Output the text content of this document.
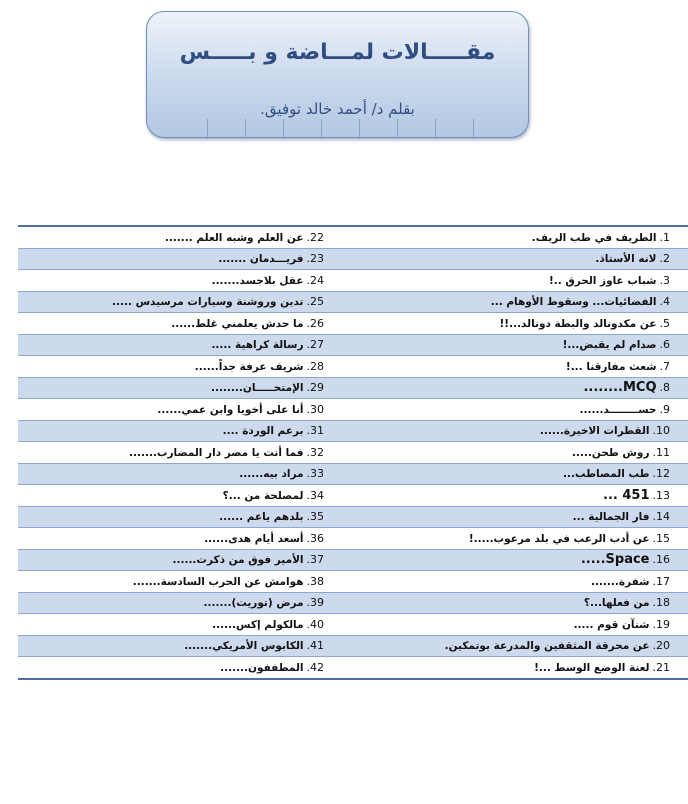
مقـــــالات لمـــاضة و بـــــس
بقلم د/ أحمد خالد توفيق.
1.الطريف في طب الريف.	22.عن العلم وشبه العلم .......
2.لانه الأستاذ.	23.فريـــدمان .......
3.شباب عاوز الحرق ..!	24.عقل بلاجسد.......
4.الفضائيات... وسقوط الأوهام ...	25.تدين وروشنة وسيارات مرسيدس .....
5.عن مكدونالد والبطة دونالد...!!	26.ما حدش يعلمني غلط......
6.صدام لم يقبض...!	27.رسالة كراهية .....
7.شعث مفارقنا ...!	28.شريف عرفة جداً......
8.MCQ........	29.الإمتحـــــان........
9.حســــــــد......	30.أنا على أخويا وابن عمي......
10.القطرات الاخيرة......	31.برعم الوردة ....
11.روش طحن.....	32.فما أنت يا مصر دار المضارب.......
12.طب المصاطب...	33.مراد بيه......
13.451 ...	34.لمصلحة من ...؟
14.فار الجمالية ...	35.بلدهم ياعم ......
15.عن أدب الرعب في بلد مرعوب.....!	36.أسعد أيام هدى......
16.Space.....	37.الأمير فوق من ذكرت......
17.شفرة.......	38.هوامش عن الحرب السادسة.......
18.من فعلها...؟	39.مرض (توريت).......
19.شنآن قوم .....	40.مالكولم إكس......
20.عن محرقة المثقفين والمدرعة بوتمكين.	41.الكابوس الأمريكي.......
21.لعنة الوضع الوسط ...!	42.المطففون.......
